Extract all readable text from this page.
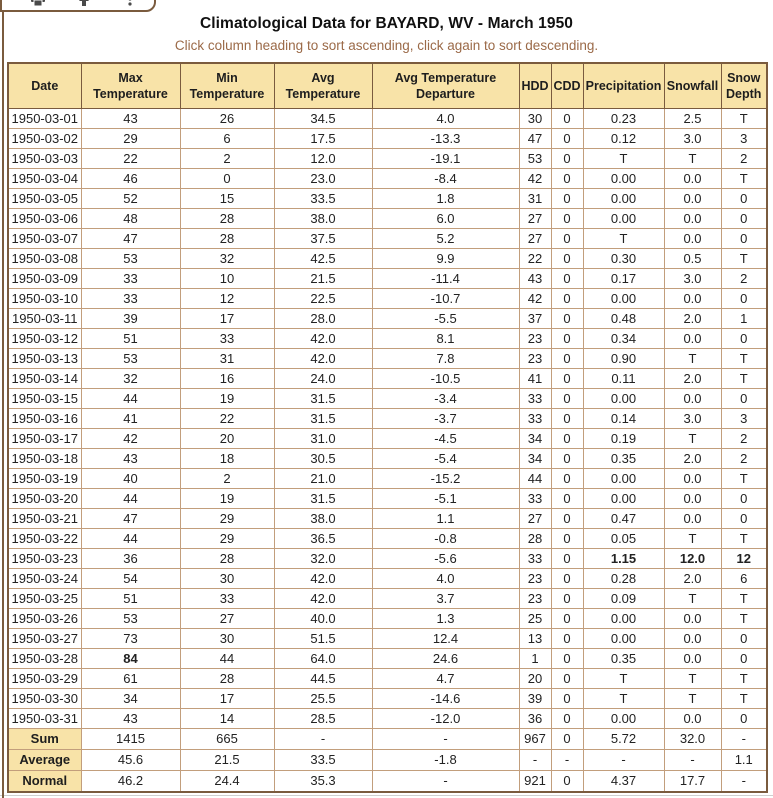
Climatological Data for BAYARD, WV - March 1950
Click column heading to sort ascending, click again to sort descending.
Date	Max Temperature	Min Temperature	Avg Temperature	Avg Temperature Departure	HDD	CDD	Precipitation	Snowfall	Snow Depth
1950-03-01	43	26	34.5	4.0	30	0	0.23	2.5	T
1950-03-02	29	6	17.5	-13.3	47	0	0.12	3.0	3
1950-03-03	22	2	12.0	-19.1	53	0	T	T	2
1950-03-04	46	0	23.0	-8.4	42	0	0.00	0.0	T
1950-03-05	52	15	33.5	1.8	31	0	0.00	0.0	0
1950-03-06	48	28	38.0	6.0	27	0	0.00	0.0	0
1950-03-07	47	28	37.5	5.2	27	0	T	0.0	0
1950-03-08	53	32	42.5	9.9	22	0	0.30	0.5	T
1950-03-09	33	10	21.5	-11.4	43	0	0.17	3.0	2
1950-03-10	33	12	22.5	-10.7	42	0	0.00	0.0	0
1950-03-11	39	17	28.0	-5.5	37	0	0.48	2.0	1
1950-03-12	51	33	42.0	8.1	23	0	0.34	0.0	0
1950-03-13	53	31	42.0	7.8	23	0	0.90	T	T
1950-03-14	32	16	24.0	-10.5	41	0	0.11	2.0	T
1950-03-15	44	19	31.5	-3.4	33	0	0.00	0.0	0
1950-03-16	41	22	31.5	-3.7	33	0	0.14	3.0	3
1950-03-17	42	20	31.0	-4.5	34	0	0.19	T	2
1950-03-18	43	18	30.5	-5.4	34	0	0.35	2.0	2
1950-03-19	40	2	21.0	-15.2	44	0	0.00	0.0	T
1950-03-20	44	19	31.5	-5.1	33	0	0.00	0.0	0
1950-03-21	47	29	38.0	1.1	27	0	0.47	0.0	0
1950-03-22	44	29	36.5	-0.8	28	0	0.05	T	T
1950-03-23	36	28	32.0	-5.6	33	0	1.15	12.0	12
1950-03-24	54	30	42.0	4.0	23	0	0.28	2.0	6
1950-03-25	51	33	42.0	3.7	23	0	0.09	T	T
1950-03-26	53	27	40.0	1.3	25	0	0.00	0.0	T
1950-03-27	73	30	51.5	12.4	13	0	0.00	0.0	0
1950-03-28	84	44	64.0	24.6	1	0	0.35	0.0	0
1950-03-29	61	28	44.5	4.7	20	0	T	T	T
1950-03-30	34	17	25.5	-14.6	39	0	T	T	T
1950-03-31	43	14	28.5	-12.0	36	0	0.00	0.0	0
Sum	1415	665	-	-	967	0	5.72	32.0	-
Average	45.6	21.5	33.5	-1.8	-	-	-	-	1.1
Normal	46.2	24.4	35.3	-	921	0	4.37	17.7	-
